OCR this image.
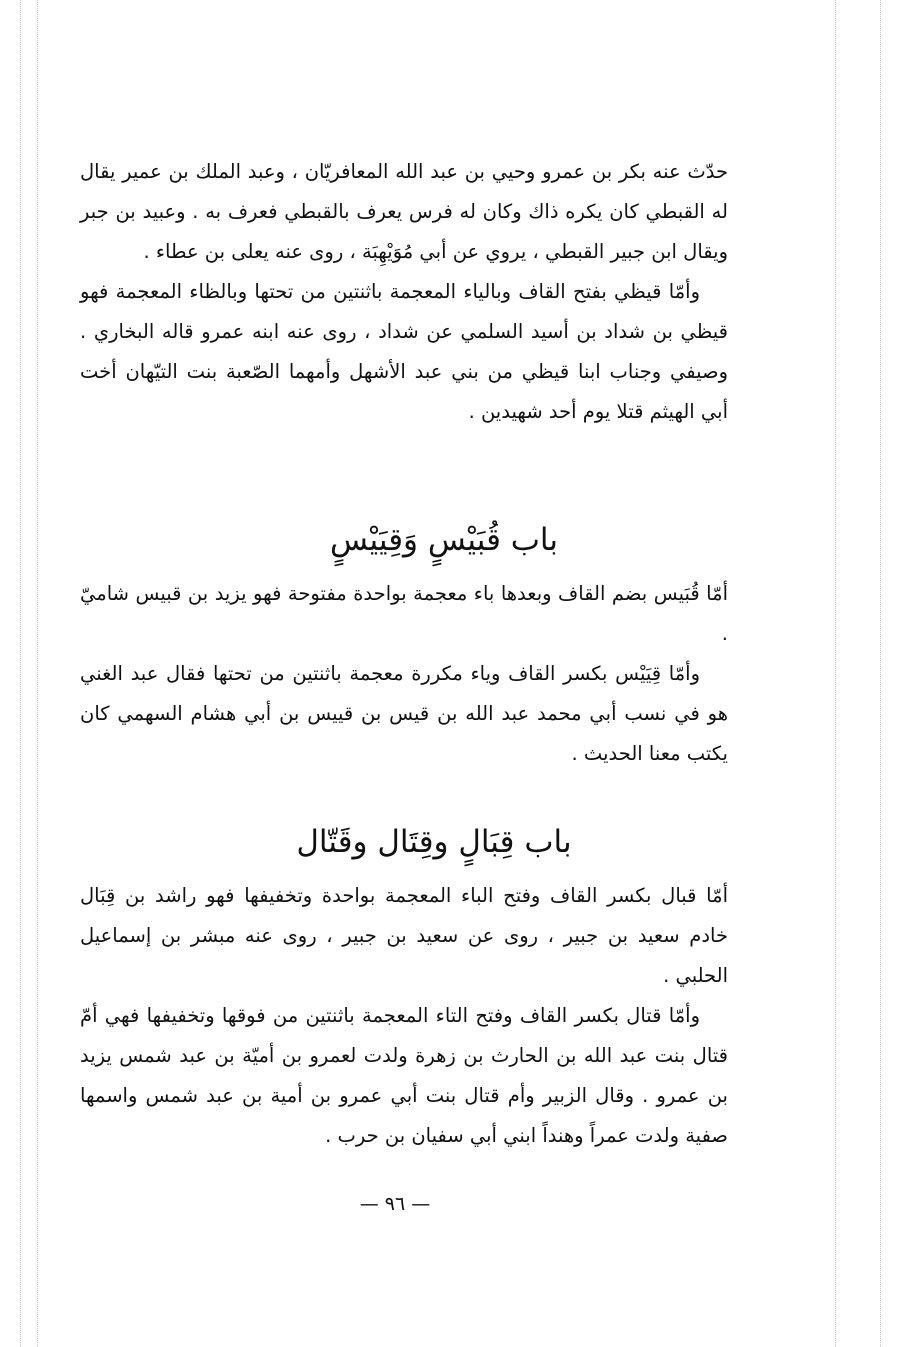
حدّث عنه بكر بن عمرو وحيي بن عبد الله المعافريّان ، وعبد الملك بن عمير يقال له القبطي كان يكره ذاك وكان له فرس يعرف بالقبطي فعرف به . وعبيد بن جبر ويقال ابن جبير القبطي ، يروي عن أبي مُوَيْهِبَة ، روى عنه يعلى بن عطاء .

وأمّا قيظي بفتح القاف وبالياء المعجمة باثنتين من تحتها وبالظاء المعجمة فهو قيظي بن شداد بن أسيد السلمي عن شداد ، روى عنه ابنه عمرو قاله البخاري . وصيفي وجناب ابنا قيظي من بني عبد الأشهل وأمهما الصّعبة بنت التيّهان أخت أبي الهيثم قتلا يوم أحد شهيدين .

باب قُبَيْسٍ وَقِيَيْسٍ

أمّا قُبَيس بضم القاف وبعدها باء معجمة بواحدة مفتوحة فهو يزيد بن قبيس شاميّ .

وأمّا قِيَيْس بكسر القاف وياء مكررة معجمة باثنتين من تحتها فقال عبد الغني هو في نسب أبي محمد عبد الله بن قيس بن قييس بن أبي هشام السهمي كان يكتب معنا الحديث .

باب قِبَالٍ وقِتَال وقَتّال

أمّا قبال بكسر القاف وفتح الباء المعجمة بواحدة وتخفيفها فهو راشد بن قِبَال خادم سعيد بن جبير ، روى عن سعيد بن جبير ، روى عنه مبشر بن إسماعيل الحلبي .

وأمّا قتال بكسر القاف وفتح التاء المعجمة باثنتين من فوقها وتخفيفها فهي أمّ قتال بنت عبد الله بن الحارث بن زهرة ولدت لعمرو بن أميّة بن عبد شمس يزيد بن عمرو . وقال الزبير وأم قتال بنت أبي عمرو بن أمية بن عبد شمس واسمها صفية ولدت عمراً وهنداً ابني أبي سفيان بن حرب .

— ٩٦ —
